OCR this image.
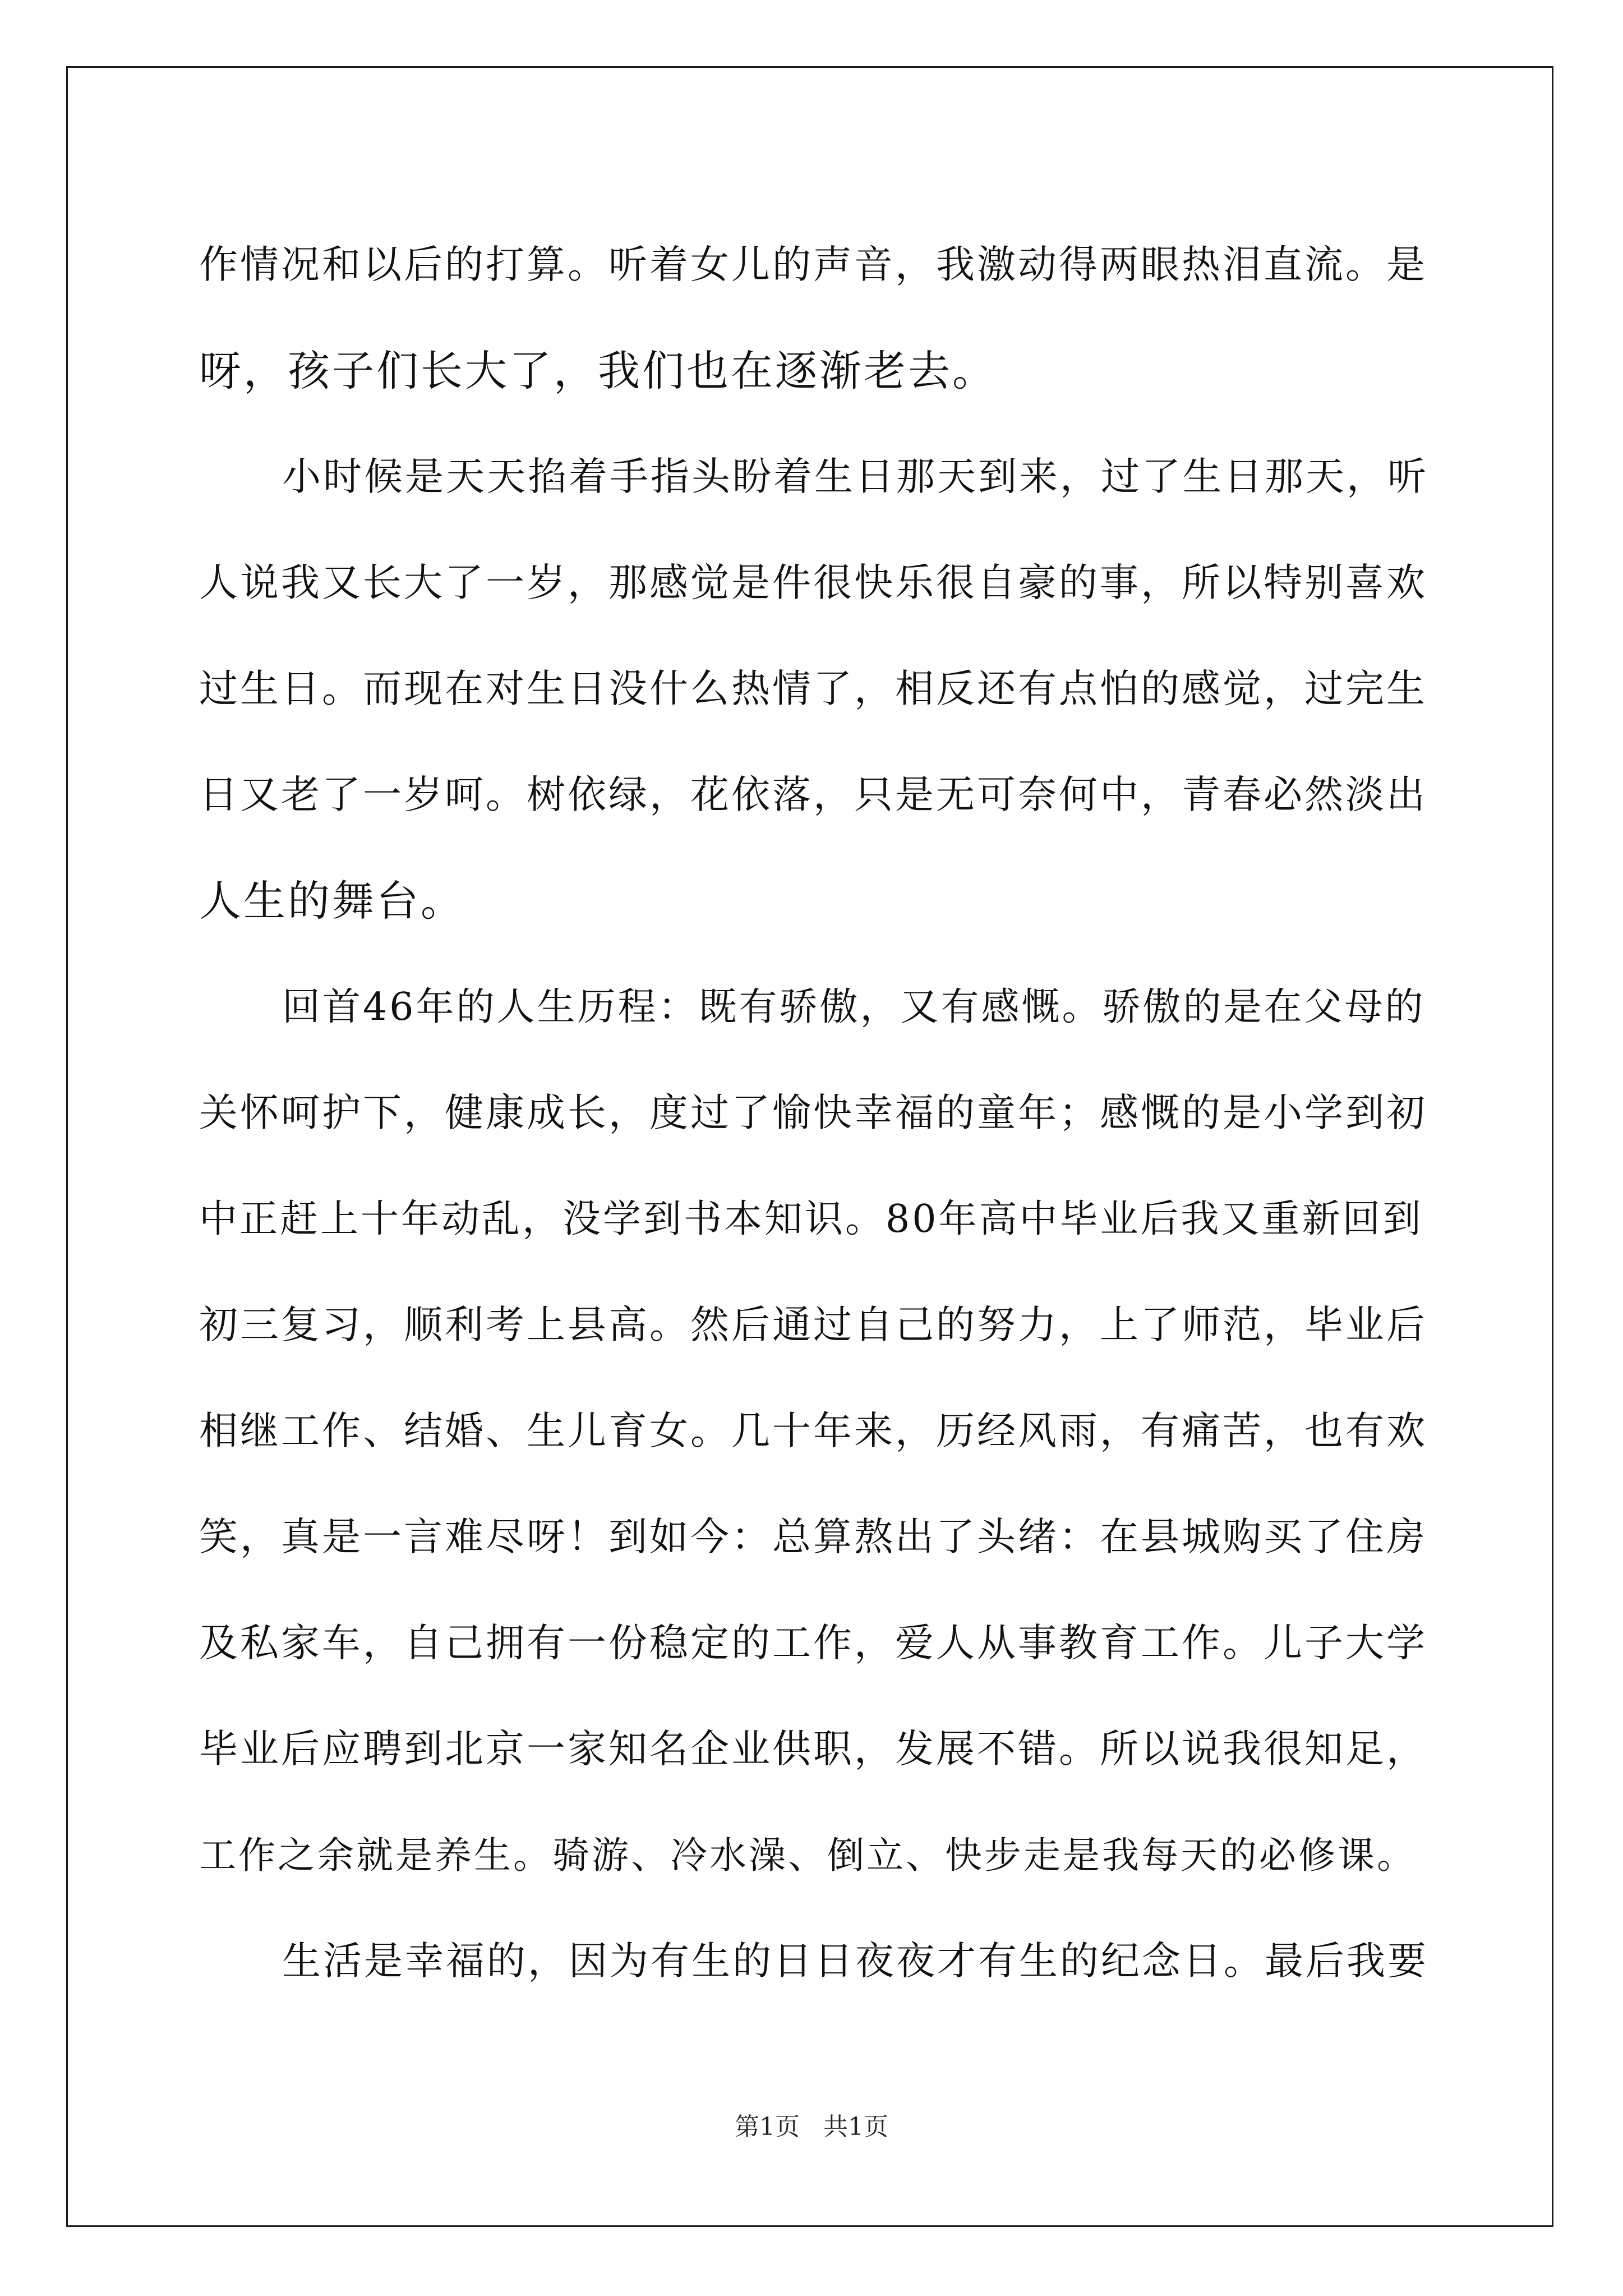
作情况和以后的打算。听着女儿的声音，我激动得两眼热泪直流。是
呀，孩子们长大了，我们也在逐渐老去。
小时候是天天掐着手指头盼着生日那天到来，过了生日那天，听
人说我又长大了一岁，那感觉是件很快乐很自豪的事，所以特别喜欢
过生日。而现在对生日没什么热情了，相反还有点怕的感觉，过完生
日又老了一岁呵。树依绿，花依落，只是无可奈何中，青春必然淡出
人生的舞台。
回首46年的人生历程：既有骄傲，又有感慨。骄傲的是在父母的
关怀呵护下，健康成长，度过了愉快幸福的童年；感慨的是小学到初
中正赶上十年动乱，没学到书本知识。80年高中毕业后我又重新回到
初三复习，顺利考上县高。然后通过自己的努力，上了师范，毕业后
相继工作、结婚、生儿育女。几十年来，历经风雨，有痛苦，也有欢
笑，真是一言难尽呀！到如今：总算熬出了头绪：在县城购买了住房
及私家车，自己拥有一份稳定的工作，爱人从事教育工作。儿子大学
毕业后应聘到北京一家知名企业供职，发展不错。所以说我很知足，
工作之余就是养生。骑游、冷水澡、倒立、快步走是我每天的必修课。
生活是幸福的，因为有生的日日夜夜才有生的纪念日。最后我要
第1页   共1页
